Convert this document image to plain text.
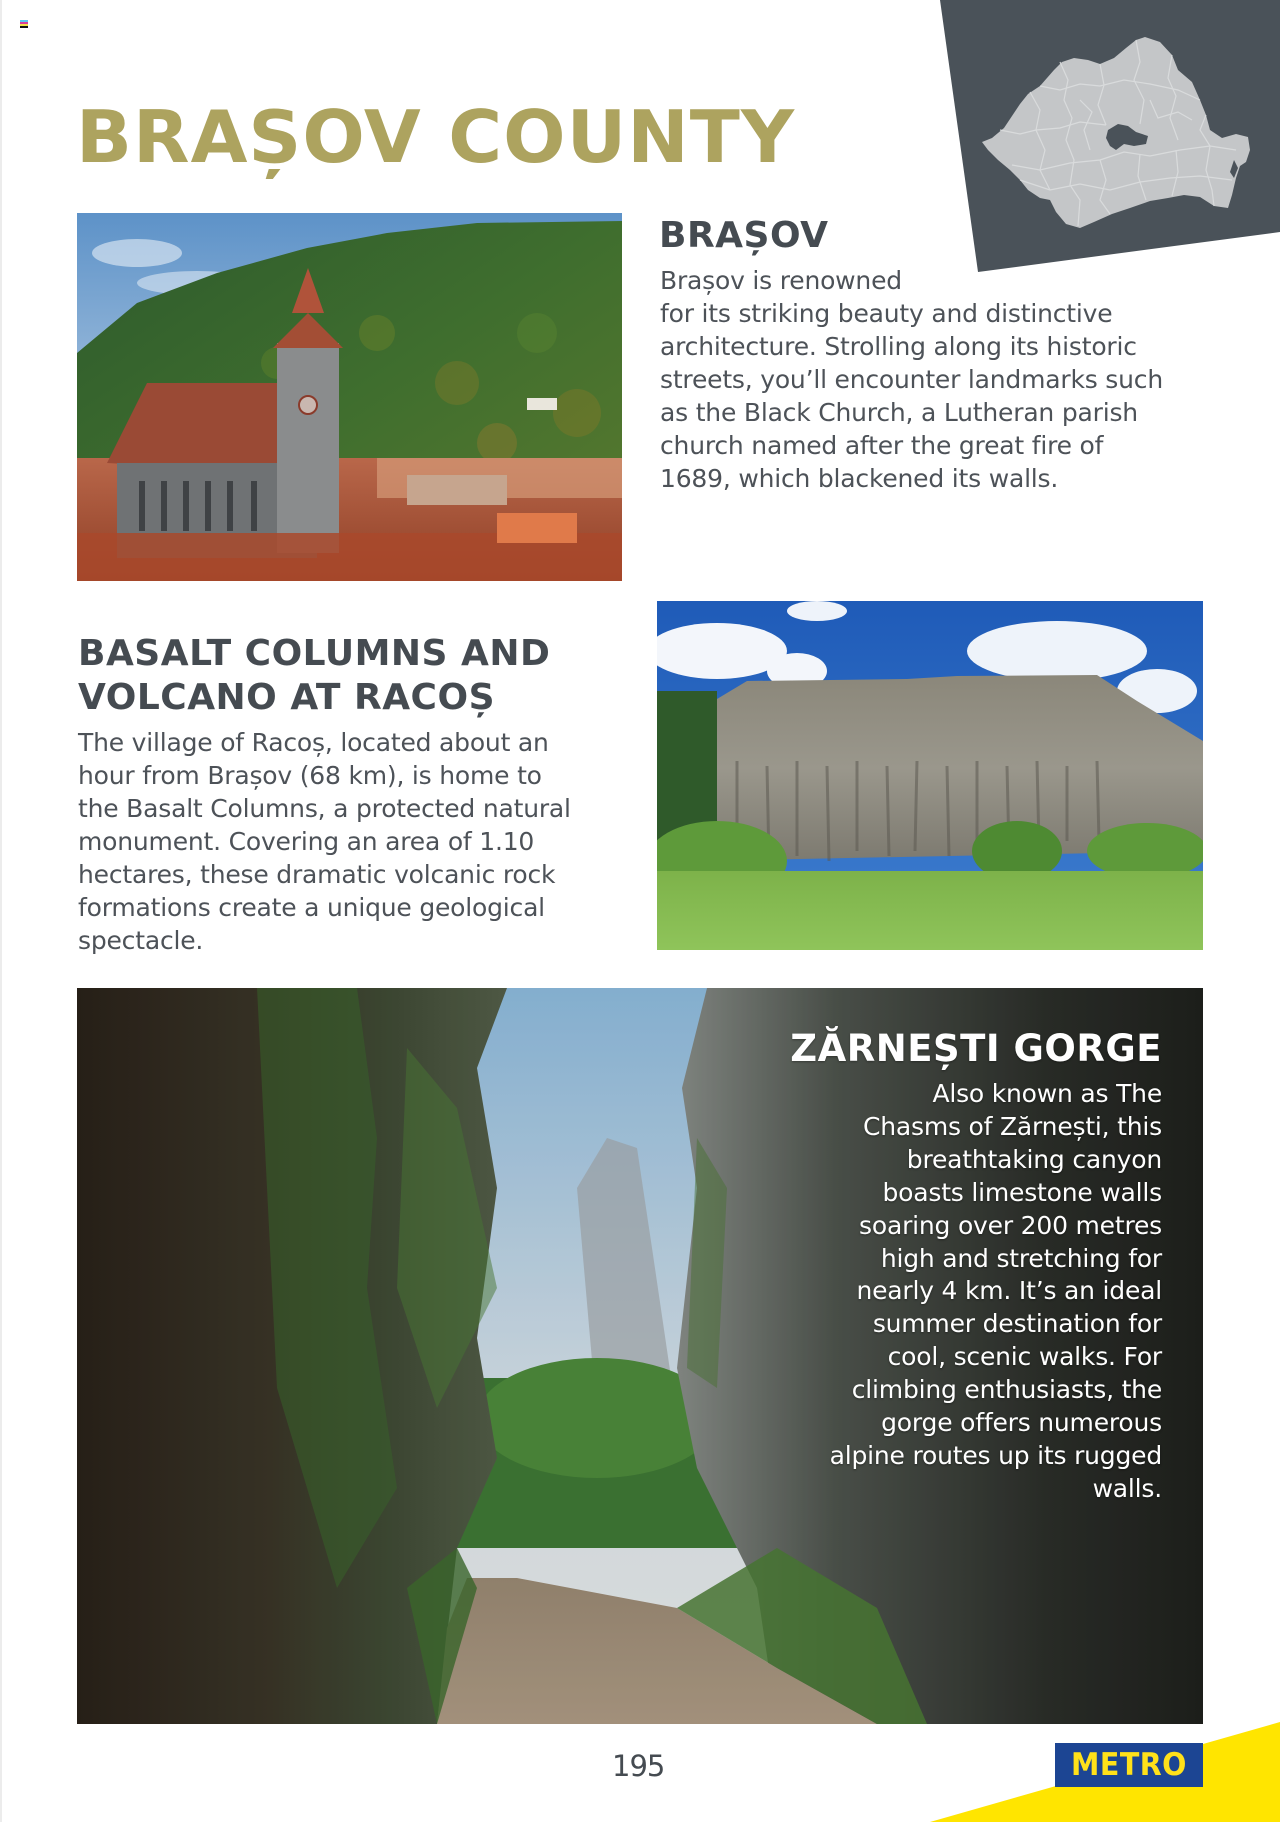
BRAȘOV COUNTY
BRAȘOV
Brașov is renowned
for its striking beauty and distinctive
architecture. Strolling along its historic
streets, you’ll encounter landmarks such
as the Black Church, a Lutheran parish
church named after the great fire of
1689, which blackened its walls.
BASALT COLUMNS AND
VOLCANO AT RACOȘ
The village of Racoș, located about an
hour from Brașov (68 km), is home to
the Basalt Columns, a protected natural
monument. Covering an area of 1.10
hectares, these dramatic volcanic rock
formations create a unique geological
spectacle.
ZĂRNEȘTI GORGE
Also known as The
Chasms of Zărnești, this
breathtaking canyon
boasts limestone walls
soaring over 200 metres
high and stretching for
nearly 4 km. It’s an ideal
summer destination for
cool, scenic walks. For
climbing enthusiasts, the
gorge offers numerous
alpine routes up its rugged
walls.
195	METRO
